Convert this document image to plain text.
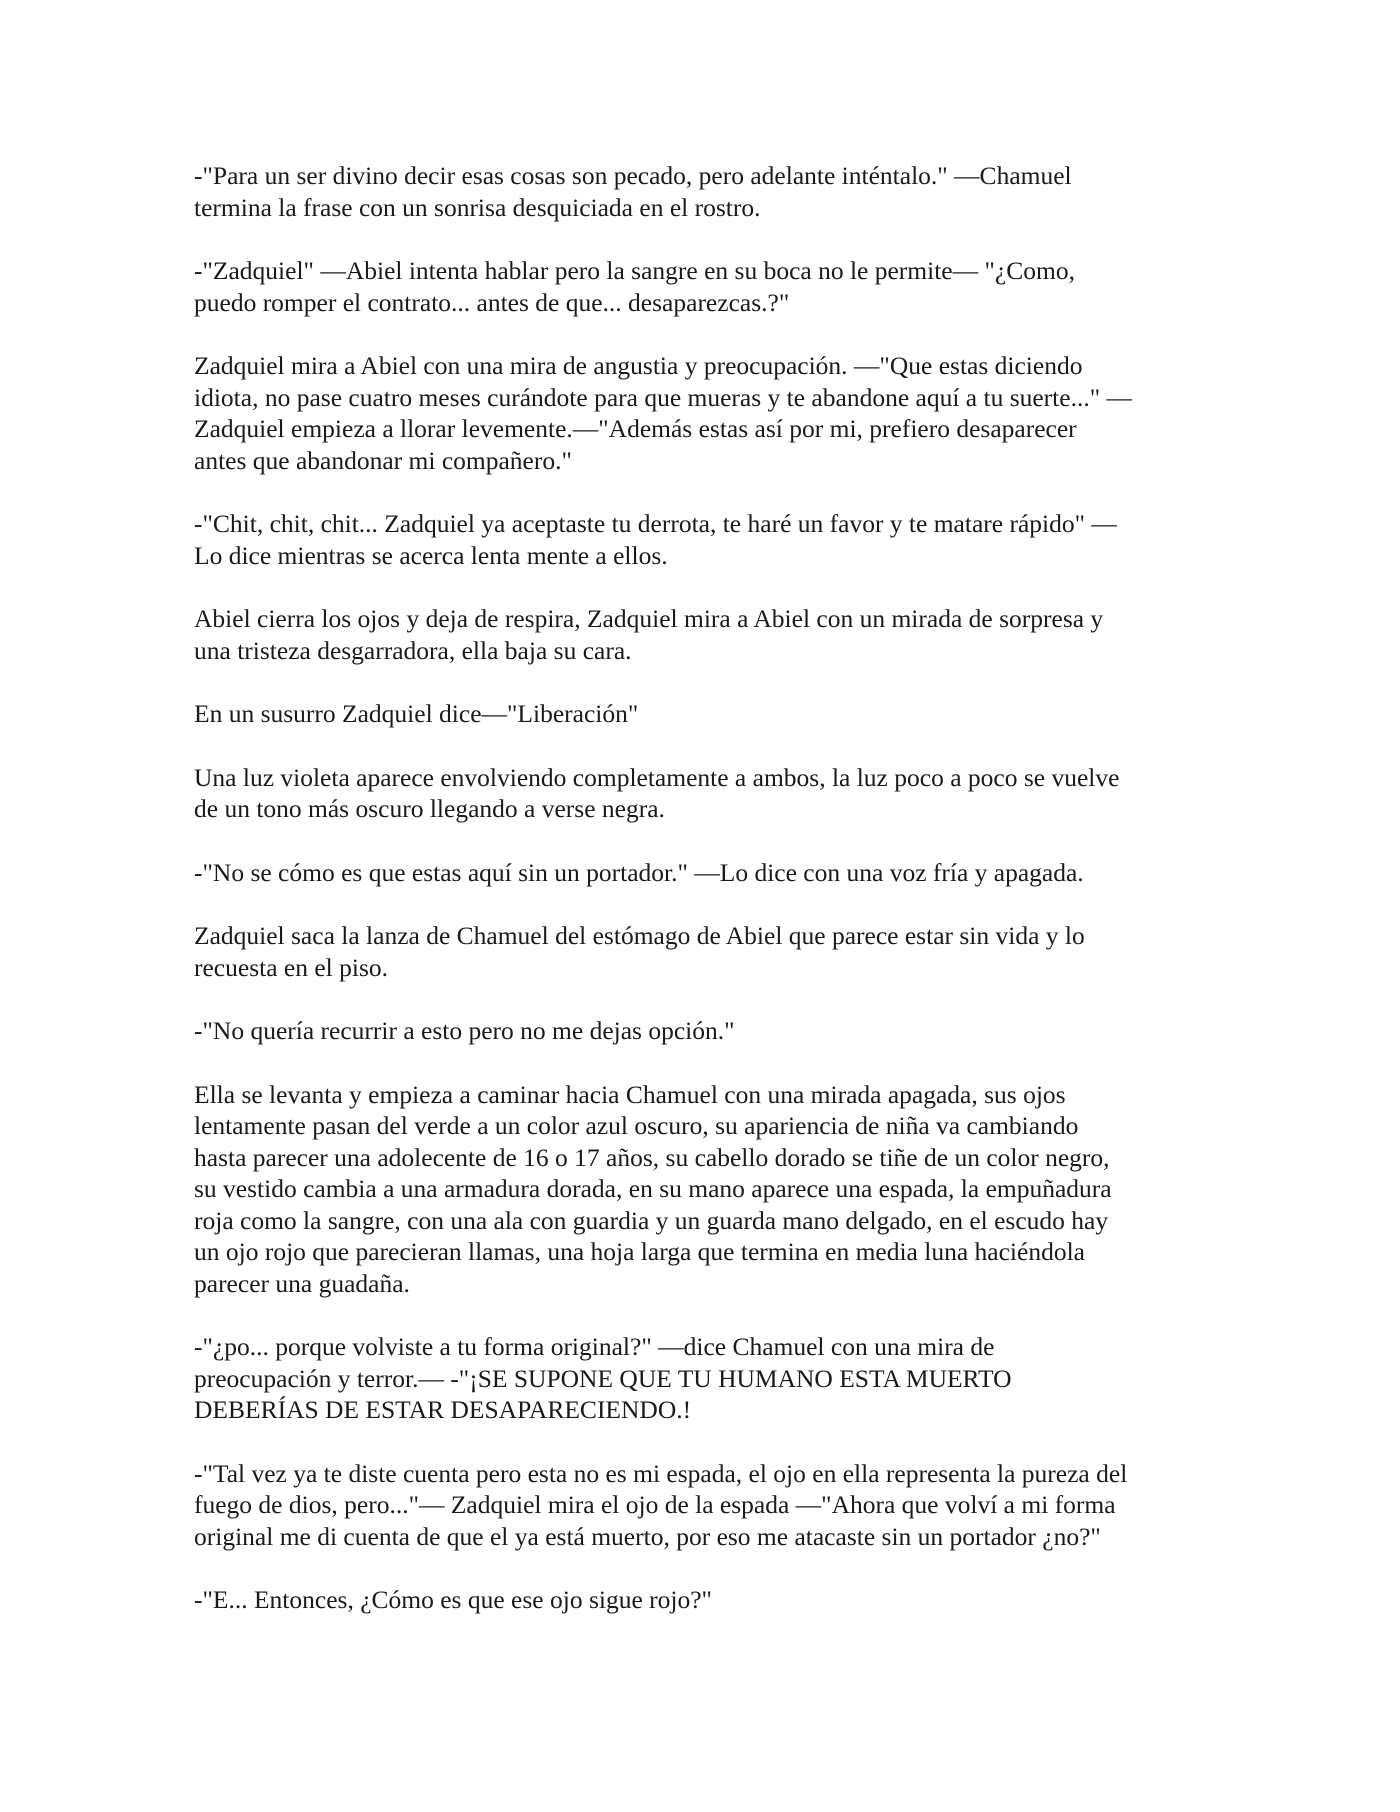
-"Para un ser divino decir esas cosas son pecado, pero adelante inténtalo." —Chamuel
termina la frase con un sonrisa desquiciada en el rostro.

-"Zadquiel" —Abiel intenta hablar pero la sangre en su boca no le permite— "¿Como,
puedo romper el contrato... antes de que... desaparezcas.?"

Zadquiel mira a Abiel con una mira de angustia y preocupación. —"Que estas diciendo
idiota, no pase cuatro meses curándote para que mueras y te abandone aquí a tu suerte..." —
Zadquiel empieza a llorar levemente.—"Además estas así por mi, prefiero desaparecer
antes que abandonar mi compañero."

-"Chit, chit, chit... Zadquiel ya aceptaste tu derrota, te haré un favor y te matare rápido" —
Lo dice mientras se acerca lenta mente a ellos.

Abiel cierra los ojos y deja de respira, Zadquiel mira a Abiel con un mirada de sorpresa y
una tristeza desgarradora, ella baja su cara.

En un susurro Zadquiel dice—"Liberación"

Una luz violeta aparece envolviendo completamente a ambos, la luz poco a poco se vuelve
de un tono más oscuro llegando a verse negra.

-"No se cómo es que estas aquí sin un portador." —Lo dice con una voz fría y apagada.

Zadquiel saca la lanza de Chamuel del estómago de Abiel que parece estar sin vida y lo
recuesta en el piso.

-"No quería recurrir a esto pero no me dejas opción."

Ella se levanta y empieza a caminar hacia Chamuel con una mirada apagada, sus ojos
lentamente pasan del verde a un color azul oscuro, su apariencia de niña va cambiando
hasta parecer una adolecente de 16 o 17 años, su cabello dorado se tiñe de un color negro,
su vestido cambia a una armadura dorada, en su mano aparece una espada, la empuñadura
roja como la sangre, con una ala con guardia y un guarda mano delgado, en el escudo hay
un ojo rojo que parecieran llamas, una hoja larga que termina en media luna haciéndola
parecer una guadaña.

-"¿po... porque volviste a tu forma original?" —dice Chamuel con una mira de
preocupación y terror.— -"¡SE SUPONE QUE TU HUMANO ESTA MUERTO
DEBERÍAS DE ESTAR DESAPARECIENDO.!

-"Tal vez ya te diste cuenta pero esta no es mi espada, el ojo en ella representa la pureza del
fuego de dios, pero..."— Zadquiel mira el ojo de la espada —"Ahora que volví a mi forma
original me di cuenta de que el ya está muerto, por eso me atacaste sin un portador ¿no?"

-"E... Entonces, ¿Cómo es que ese ojo sigue rojo?"
